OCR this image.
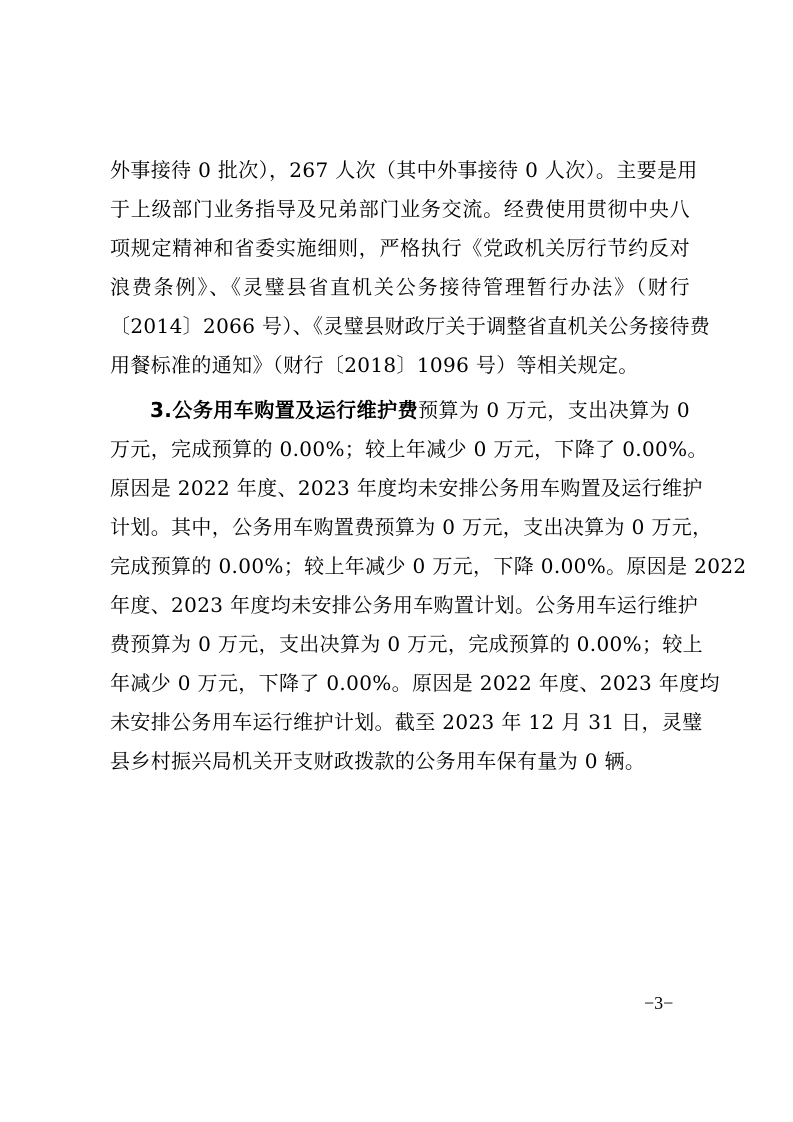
外事接待 0 批次），267 人次（其中外事接待 0 人次）。主要是用
于上级部门业务指导及兄弟部门业务交流。经费使用贯彻中央八
项规定精神和省委实施细则，严格执行《党政机关厉行节约反对
浪费条例》、《灵璧县省直机关公务接待管理暂行办法》（财行
〔2014〕2066 号）、《灵璧县财政厅关于调整省直机关公务接待费
用餐标准的通知》（财行〔2018〕1096 号）等相关规定。
3.公务用车购置及运行维护费预算为 0 万元，支出决算为 0
万元，完成预算的 0.00%；较上年减少 0 万元，下降了 0.00%。
原因是 2022 年度、2023 年度均未安排公务用车购置及运行维护
计划。其中，公务用车购置费预算为 0 万元，支出决算为 0 万元，
完成预算的 0.00%；较上年减少 0 万元，下降 0.00%。原因是 2022
年度、2023 年度均未安排公务用车购置计划。公务用车运行维护
费预算为 0 万元，支出决算为 0 万元，完成预算的 0.00%；较上
年减少 0 万元，下降了 0.00%。原因是 2022 年度、2023 年度均
未安排公务用车运行维护计划。截至 2023 年 12 月 31 日，灵璧
县乡村振兴局机关开支财政拨款的公务用车保有量为 0 辆。
−3−
